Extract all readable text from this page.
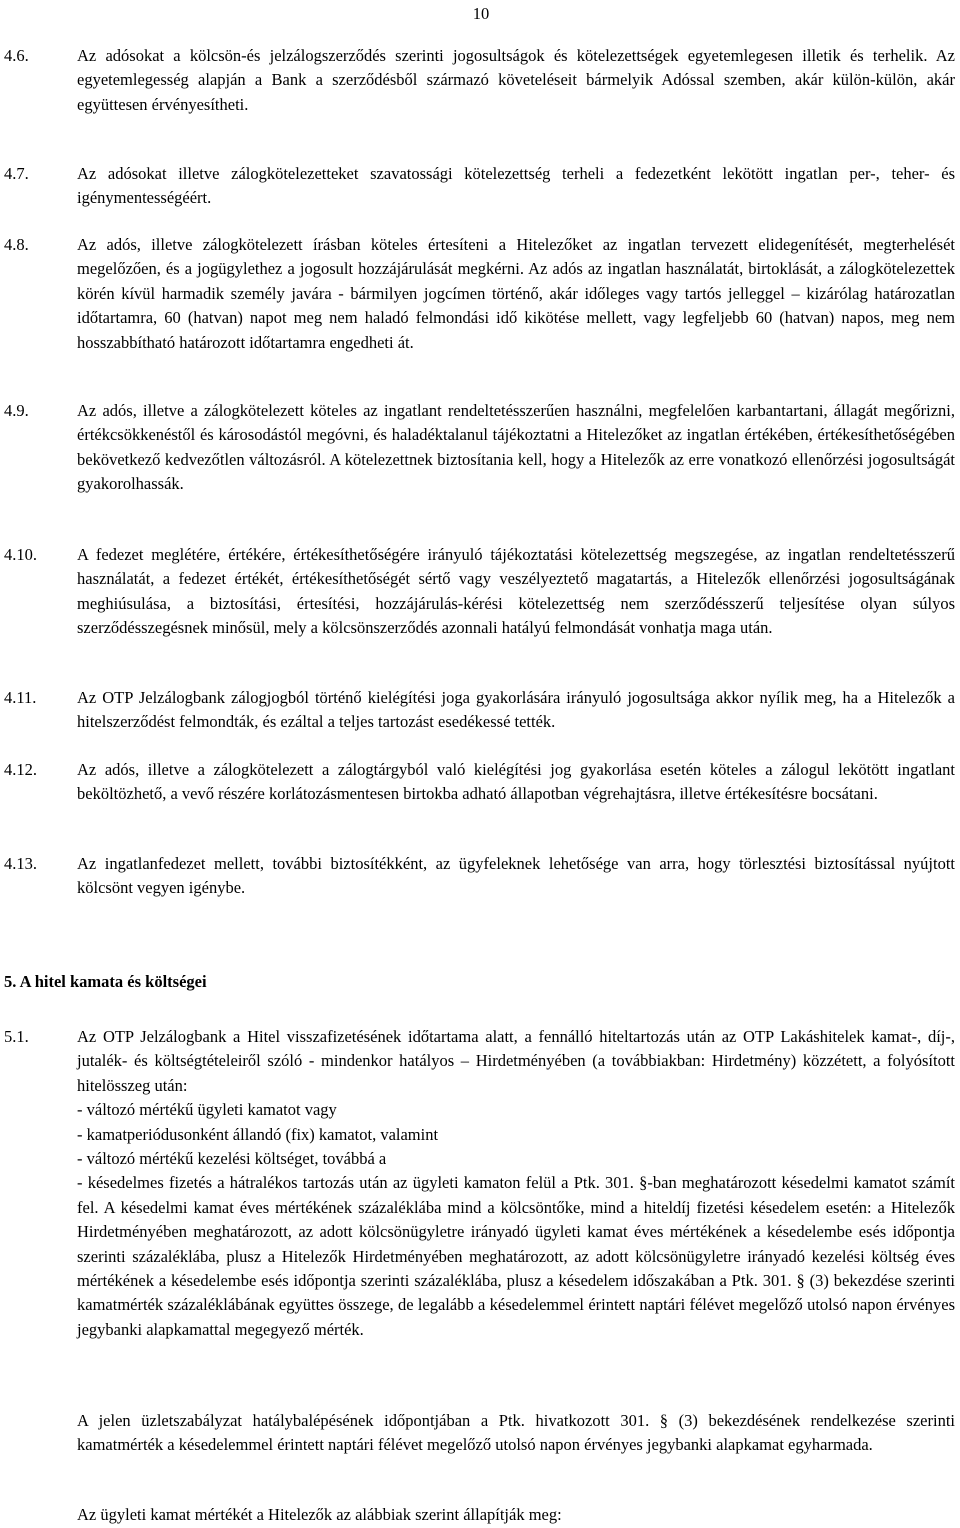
10
4.6.	Az adósokat a kölcsön-és jelzálogszerződés szerinti jogosultságok és kötelezettségek egyetemlegesen illetik és terhelik. Az egyetemlegesség alapján a Bank a szerződésből származó követeléseit bármelyik Adóssal szemben, akár külön-külön, akár együttesen érvényesítheti.
4.7.	Az adósokat illetve zálogkötelezetteket szavatossági kötelezettség terheli a fedezetként lekötött ingatlan per-, teher- és igénymentességéért.
4.8.	Az adós, illetve zálogkötelezett írásban köteles értesíteni a Hitelezőket az ingatlan tervezett elidegenítését, megterhelését megelőzően, és a jogügylethez a jogosult hozzájárulását megkérni. Az adós az ingatlan használatát, birtoklását, a zálogkötelezettek körén kívül harmadik személy javára - bármilyen jogcímen történő, akár időleges vagy tartós jelleggel – kizárólag határozatlan időtartamra, 60 (hatvan) napot meg nem haladó felmondási idő kikötése mellett, vagy legfeljebb 60 (hatvan) napos, meg nem hosszabbítható határozott időtartamra engedheti át.
4.9.	Az adós, illetve a zálogkötelezett köteles az ingatlant rendeltetésszerűen használni, megfelelően karbantartani, állagát megőrizni, értékcsökkenéstől és károsodástól megóvni, és haladéktalanul tájékoztatni a Hitelezőket az ingatlan értékében, értékesíthetőségében bekövetkező kedvezőtlen változásról. A kötelezettnek biztosítania kell, hogy a Hitelezők az erre vonatkozó ellenőrzési jogosultságát gyakorolhassák.
4.10. A fedezet meglétére, értékére, értékesíthetőségére irányuló tájékoztatási kötelezettség megszegése, az ingatlan rendeltetésszerű használatát, a fedezet értékét, értékesíthetőségét sértő vagy veszélyeztető magatartás, a Hitelezők ellenőrzési jogosultságának meghiúsulása, a biztosítási, értesítési, hozzájárulás-kérési kötelezettség nem szerződésszerű teljesítése olyan súlyos szerződésszegésnek minősül, mely a kölcsönszerződés azonnali hatályú felmondását vonhatja maga után.
4.11. Az OTP Jelzálogbank zálogjogból történő kielégítési joga gyakorlására irányuló jogosultsága akkor nyílik meg, ha a Hitelezők a hitelszerződést felmondták, és ezáltal a teljes tartozást esedékessé tették.
4.12. Az adós, illetve a zálogkötelezett a zálogtárgyból való kielégítési jog gyakorlása esetén köteles a zálogul lekötött ingatlant beköltözhető, a vevő részére korlátozásmentesen birtokba adható állapotban végrehajtásra, illetve értékesítésre bocsátani.
4.13. Az ingatlanfedezet mellett, további biztosítékként, az ügyfeleknek lehetősége van arra, hogy törlesztési biztosítással nyújtott kölcsönt vegyen igénybe.
5. A hitel kamata és költségei
5.1.	Az OTP Jelzálogbank a Hitel visszafizetésének időtartama alatt, a fennálló hiteltartozás után az OTP Lakáshitelek kamat-, díj-, jutalék- és költségtételeiről szóló - mindenkor hatályos – Hirdetményében (a továbbiakban: Hirdetmény) közzétett, a folyósított hitelösszeg után:

- változó mértékű ügyleti kamatot vagy
- kamatperiódusonként állandó (fix) kamatot, valamint
- változó mértékű kezelési költséget, továbbá a

- késedelmes fizetés a hátralékos tartozás után az ügyleti kamaton felül a Ptk. 301. §-ban meghatározott késedelmi kamatot számít fel. A késedelmi kamat éves mértékének százaléklába mind a kölcsöntőke, mind a hiteldíj fizetési késedelem esetén: a Hitelezők Hirdetményében meghatározott, az adott kölcsönügyletre irányadó ügyleti kamat éves mértékének a késedelembe esés időpontja szerinti százaléklába, plusz a Hitelezők Hirdetményében meghatározott, az adott kölcsönügyletre irányadó kezelési költség éves mértékének a késedelembe esés időpontja szerinti százaléklába, plusz a késedelem időszakában a Ptk. 301. § (3) bekezdése szerinti kamatmérték százaléklábának együttes összege, de legalább a késedelemmel érintett naptári félévet megelőző utolsó napon érvényes jegybanki alapkamattal megegyező mérték.

A jelen üzletszabályzat hatálybalépésének időpontjában a Ptk. hivatkozott 301. § (3) bekezdésének rendelkezése szerinti kamatmérték a késedelemmel érintett naptári félévet megelőző utolsó napon érvényes jegybanki alapkamat egyharmada.
Az ügyleti kamat mértékét a Hitelezők az alábbiak szerint állapítják meg:
